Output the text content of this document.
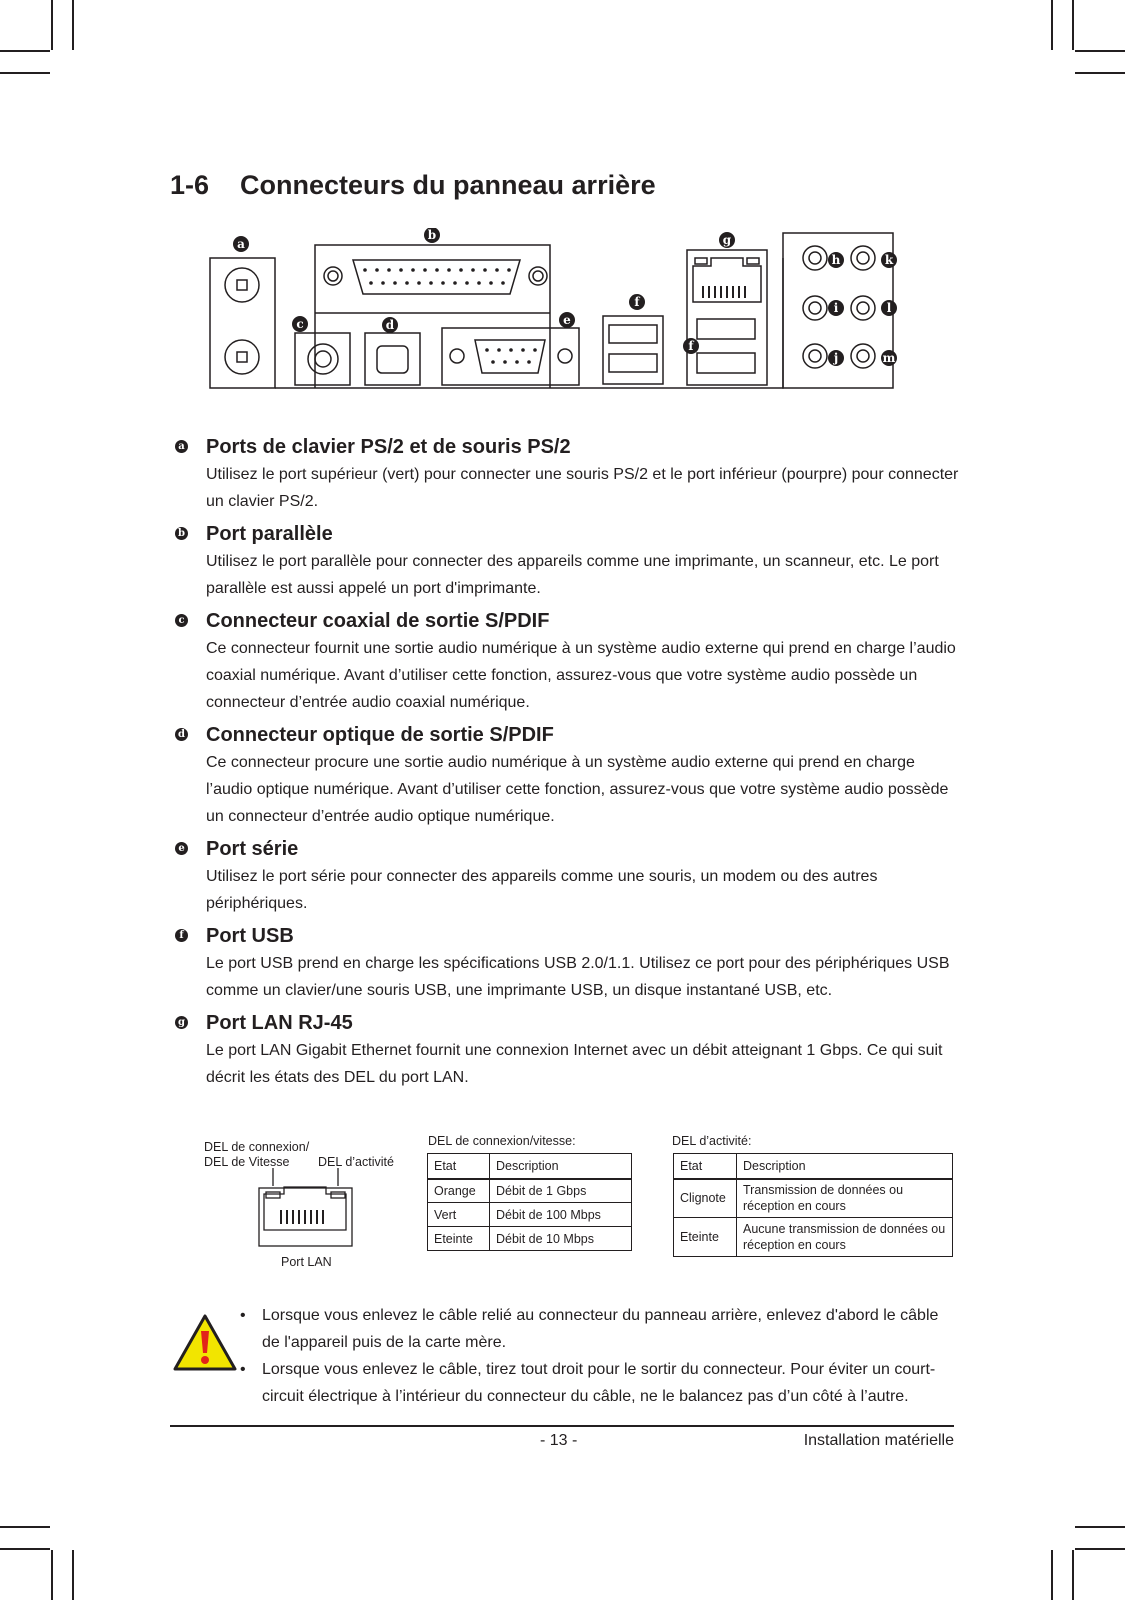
1-6 Connecteurs du panneau arrière
a
b
c	d	e
f
f
g
h
i
j
k
l
m
a Ports de clavier PS/2 et de souris PS/2
Utilisez le port supérieur (vert) pour connecter une souris PS/2 et le port inférieur (pourpre) pour connecter un clavier PS/2.
b Port parallèle
Utilisez le port parallèle pour connecter des appareils comme une imprimante, un scanneur, etc. Le port parallèle est aussi appelé un port d'imprimante.
c Connecteur coaxial de sortie S/PDIF
Ce connecteur fournit une sortie audio numérique à un système audio externe qui prend en charge l’audio coaxial numérique. Avant d’utiliser cette fonction, assurez-vous que votre système audio possède un connecteur d’entrée audio coaxial numérique.
d Connecteur optique de sortie S/PDIF
Ce connecteur procure une sortie audio numérique à un système audio externe qui prend en charge l’audio optique numérique. Avant d’utiliser cette fonction, assurez-vous que votre système audio possède un connecteur d’entrée audio optique numérique.
e Port série
Utilisez le port série pour connecter des appareils comme une souris, un modem ou des autres périphériques.
f Port USB
Le port USB prend en charge les spécifications USB 2.0/1.1. Utilisez ce port pour des périphériques USB comme un clavier/une souris USB, une imprimante USB, un disque instantané USB, etc.
g Port LAN RJ-45
Le port LAN Gigabit Ethernet fournit une connexion Internet avec un débit atteignant 1 Gbps. Ce qui suit décrit les états des DEL du port LAN.
DEL de connexion/
DEL de Vitesse DEL d’activité
Port LAN
DEL de connexion/vitesse:
Etat	Description
Orange	Débit de 1 Gbps
Vert	Débit de 100 Mbps
Eteinte	Débit de 10 Mbps
DEL d’activité:
Etat	Description
Clignote	Transmission de données ou
réception en cours

Eteinte	Aucune transmission de données ou
réception en cours
• Lorsque vous enlevez le câble relié au connecteur du panneau arrière, enlevez d'abord le câble de l'appareil puis de la carte mère.
• Lorsque vous enlevez le câble, tirez tout droit pour le sortir du connecteur. Pour éviter un court-circuit électrique à l’intérieur du connecteur du câble, ne le balancez pas d’un côté à l’autre.
- 13 -	Installation matérielle
